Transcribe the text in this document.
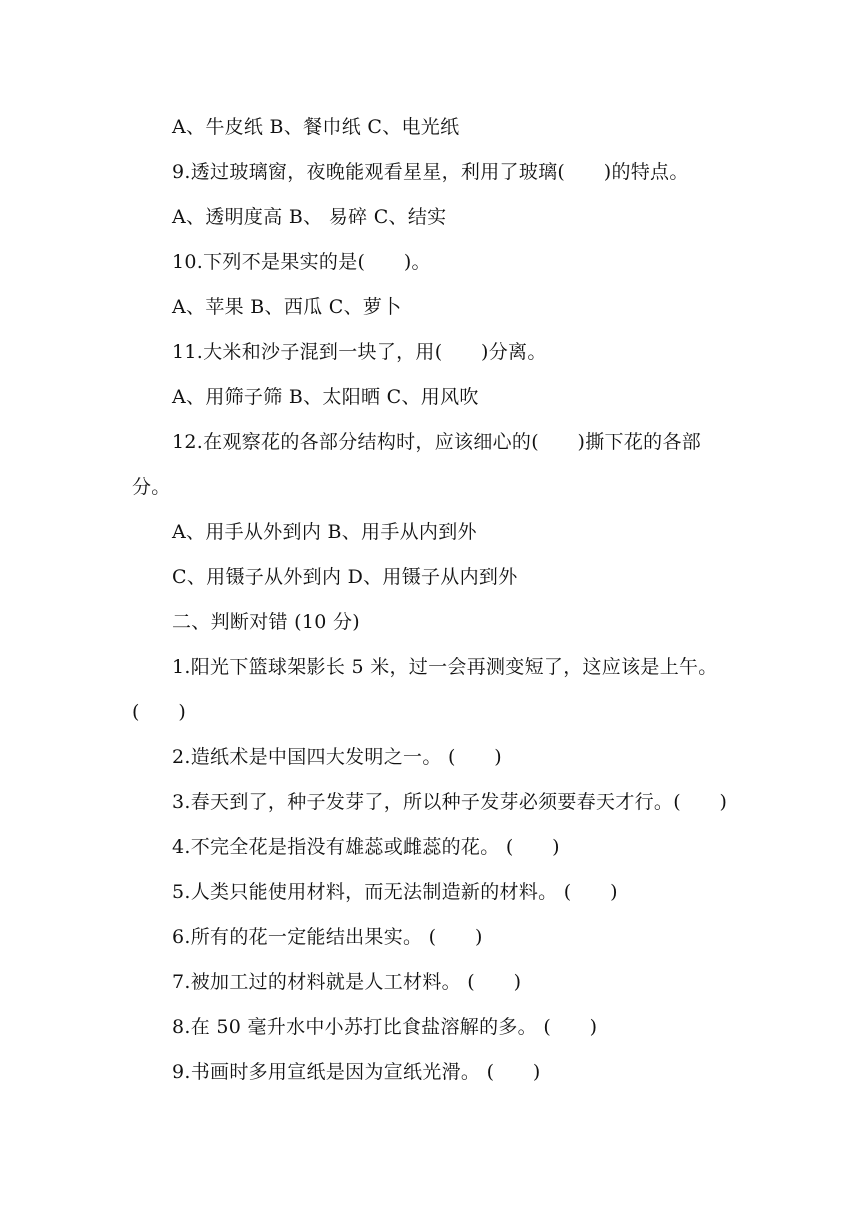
A、牛皮纸 B、餐巾纸 C、电光纸
9.透过玻璃窗，夜晚能观看星星，利用了玻璃(　　)的特点。
A、透明度高 B、 易碎 C、结实
10.下列不是果实的是(　　)。
A、苹果 B、西瓜 C、萝卜
11.大米和沙子混到一块了，用(　　)分离。
A、用筛子筛 B、太阳晒 C、用风吹
12.在观察花的各部分结构时，应该细心的(　　)撕下花的各部分。
A、用手从外到内 B、用手从内到外
C、用镊子从外到内 D、用镊子从内到外
二、判断对错 (10 分)
1.阳光下篮球架影长 5 米，过一会再测变短了，这应该是上午。(　　)
2.造纸术是中国四大发明之一。 (　　)
3.春天到了，种子发芽了，所以种子发芽必须要春天才行。(　　)
4.不完全花是指没有雄蕊或雌蕊的花。 (　　)
5.人类只能使用材料，而无法制造新的材料。 (　　)
6.所有的花一定能结出果实。 (　　)
7.被加工过的材料就是人工材料。 (　　)
8.在 50 毫升水中小苏打比食盐溶解的多。 (　　)
9.书画时多用宣纸是因为宣纸光滑。 (　　)
